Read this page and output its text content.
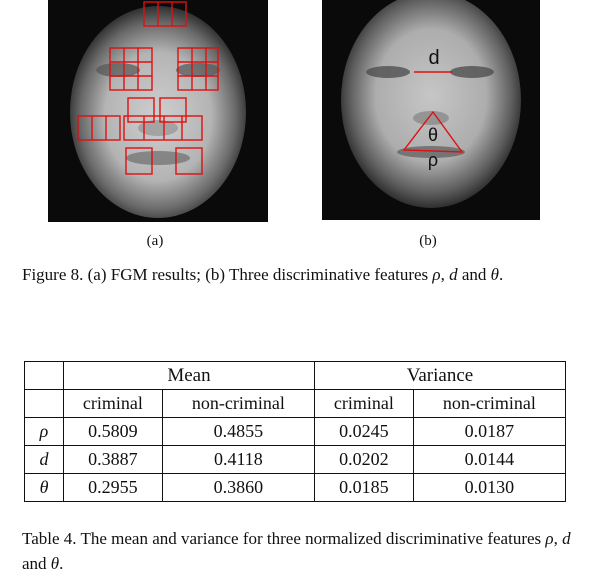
d
θ
ρ
(a)	(b)
Figure 8. (a) FGM results; (b) Three discriminative features ρ, d and θ.
	Mean		Variance	
	criminal	non-criminal	criminal	non-criminal
ρ	0.5809	0.4855	0.0245	0.0187
d	0.3887	0.4118	0.0202	0.0144
θ	0.2955	0.3860	0.0185	0.0130
Table 4. The mean and variance for three normalized discriminative features ρ, d and θ.
